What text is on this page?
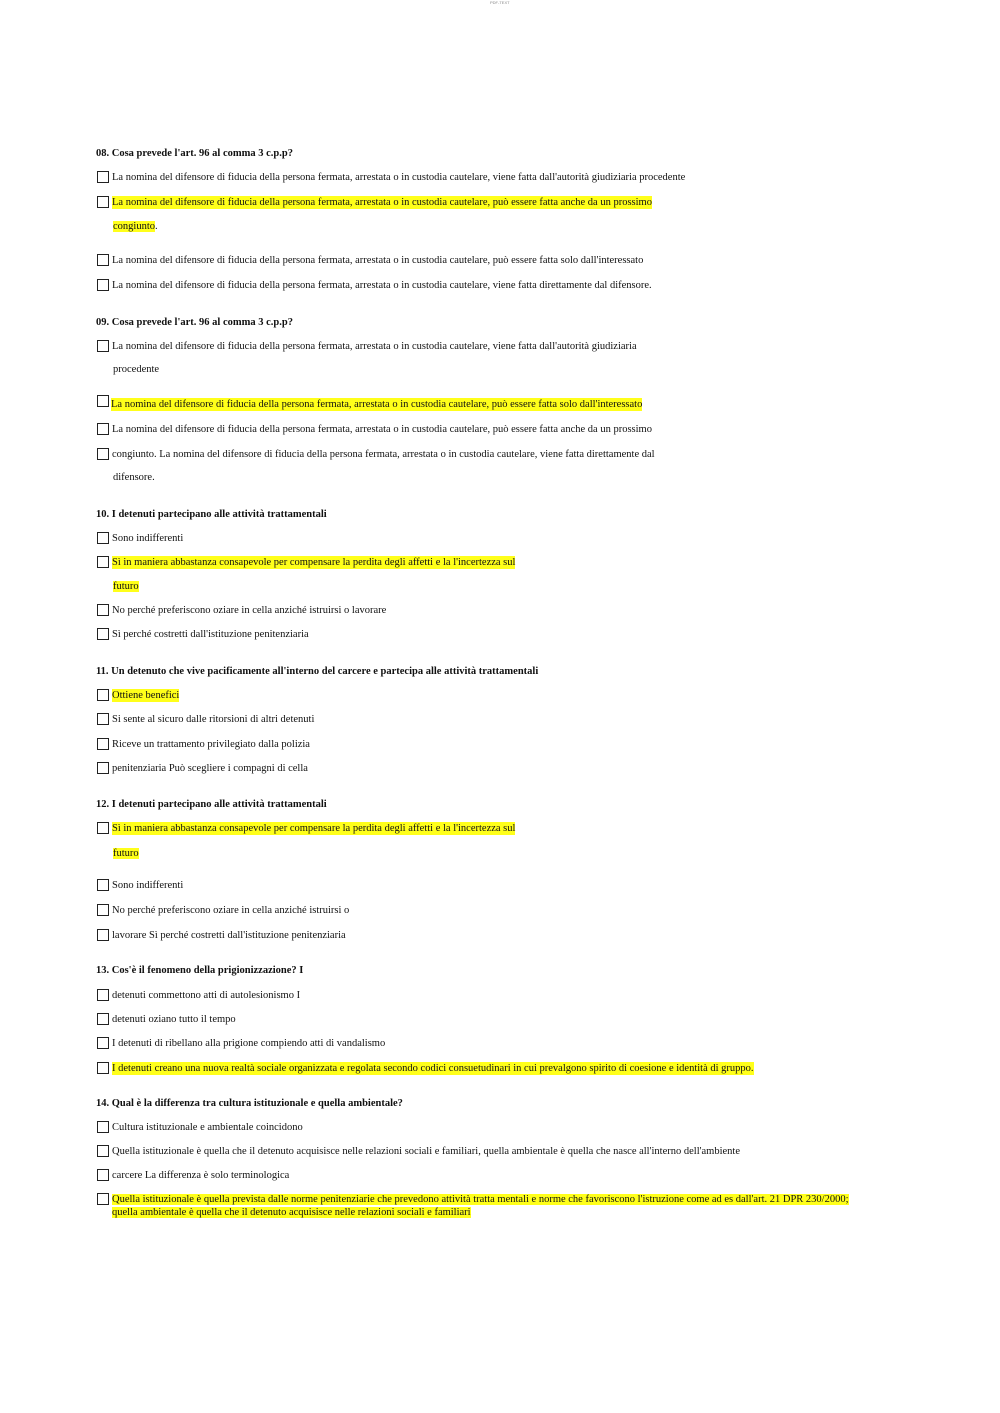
PDF-TEXT
08. Cosa prevede l'art. 96 al comma 3 c.p.p?
La nomina del difensore di fiducia della persona fermata, arrestata o in custodia cautelare, viene fatta dall'autorità giudiziaria procedente
La nomina del difensore di fiducia della persona fermata, arrestata o in custodia cautelare, può essere fatta anche da un prossimo
congiunto.
La nomina del difensore di fiducia della persona fermata, arrestata o in custodia cautelare, può essere fatta solo dall'interessato
La nomina del difensore di fiducia della persona fermata, arrestata o in custodia cautelare, viene fatta direttamente dal difensore.
09. Cosa prevede l'art. 96 al comma 3 c.p.p?
La nomina del difensore di fiducia della persona fermata, arrestata o in custodia cautelare, viene fatta dall'autorità giudiziaria
procedente
La nomina del difensore di fiducia della persona fermata, arrestata o in custodia cautelare, può essere fatta solo dall'interessato
La nomina del difensore di fiducia della persona fermata, arrestata o in custodia cautelare, può essere fatta anche da un prossimo
congiunto. La nomina del difensore di fiducia della persona fermata, arrestata o in custodia cautelare, viene fatta direttamente dal
difensore.
10. I detenuti partecipano alle attività trattamentali
Sono indifferenti
Sì in maniera abbastanza consapevole per compensare la perdita degli affetti e la l'incertezza sul
futuro
No perché preferiscono oziare in cella anziché istruirsi o lavorare
Sì perché costretti dall'istituzione penitenziaria
11. Un detenuto che vive pacificamente all'interno del carcere e partecipa alle attività trattamentali
Ottiene benefici
Si sente al sicuro dalle ritorsioni di altri detenuti
Riceve un trattamento privilegiato dalla polizia
penitenziaria Può scegliere i compagni di cella
12. I detenuti partecipano alle attività trattamentali
Sì in maniera abbastanza consapevole per compensare la perdita degli affetti e la l'incertezza sul
futuro
Sono indifferenti
No perché preferiscono oziare in cella anziché istruirsi o
lavorare Sì perché costretti dall'istituzione penitenziaria
13. Cos'è il fenomeno della prigionizzazione? I
detenuti commettono atti di autolesionismo I
detenuti oziano tutto il tempo
I detenuti di ribellano alla prigione compiendo atti di vandalismo
I detenuti creano una nuova realtà sociale organizzata e regolata secondo codici consuetudinari in cui prevalgono spirito di coesione e identità di gruppo.
14. Qual è la differenza tra cultura istituzionale e quella ambientale?
Cultura istituzionale e ambientale coincidono
Quella istituzionale è quella che il detenuto acquisisce nelle relazioni sociali e familiari, quella ambientale è quella che nasce all'interno dell'ambiente
carcere La differenza è solo terminologica
Quella istituzionale è quella prevista dalle norme penitenziarie che prevedono attività tratta mentali e norme che favoriscono l'istruzione come ad es dall'art. 21 DPR 230/2000; quella ambientale è quella che il detenuto acquisisce nelle relazioni sociali e familiari
